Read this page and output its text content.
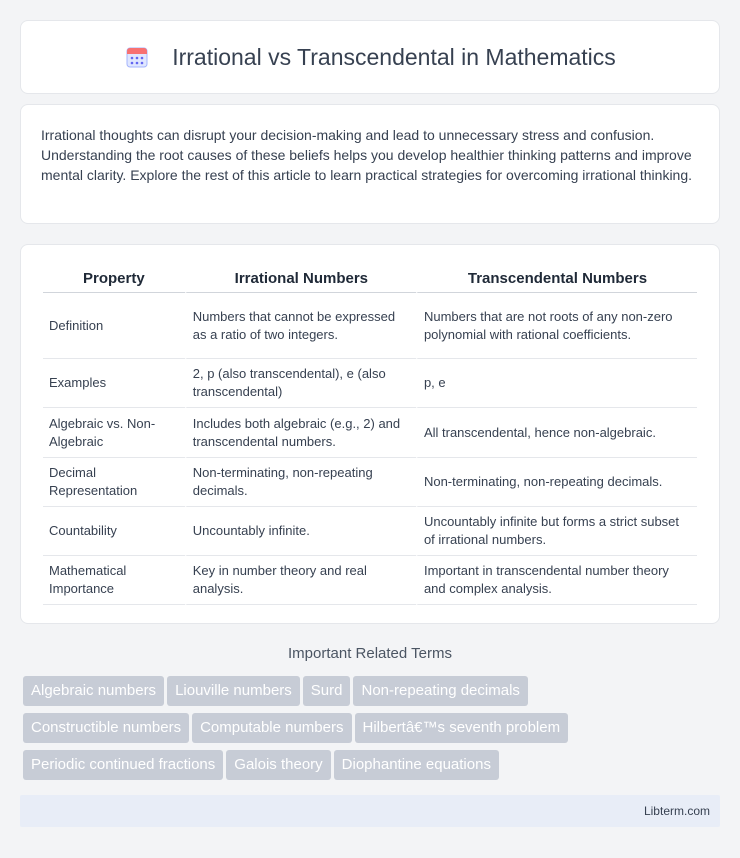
Irrational vs Transcendental in Mathematics

Irrational thoughts can disrupt your decision-making and lead to unnecessary stress and confusion. Understanding the root causes of these beliefs helps you develop healthier thinking patterns and improve mental clarity. Explore the rest of this article to learn practical strategies for overcoming irrational thinking.

Property	Irrational Numbers	Transcendental Numbers
Definition	Numbers that cannot be expressed as a ratio of two integers.	Numbers that are not roots of any non-zero polynomial with rational coefficients.
Examples	2, p (also transcendental), e (also transcendental)	p, e
Algebraic vs. Non-Algebraic	Includes both algebraic (e.g., 2) and transcendental numbers.	All transcendental, hence non-algebraic.
Decimal Representation	Non-terminating, non-repeating decimals.	Non-terminating, non-repeating decimals.
Countability	Uncountably infinite.	Uncountably infinite but forms a strict subset of irrational numbers.
Mathematical Importance	Key in number theory and real analysis.	Important in transcendental number theory and complex analysis.
Important Related Terms
Algebraic numbers Liouville numbers Surd Non-repeating decimals
Constructible numbers Computable numbers Hilbertâ€™s seventh problem
Periodic continued fractions Galois theory Diophantine equations
Libterm.com
